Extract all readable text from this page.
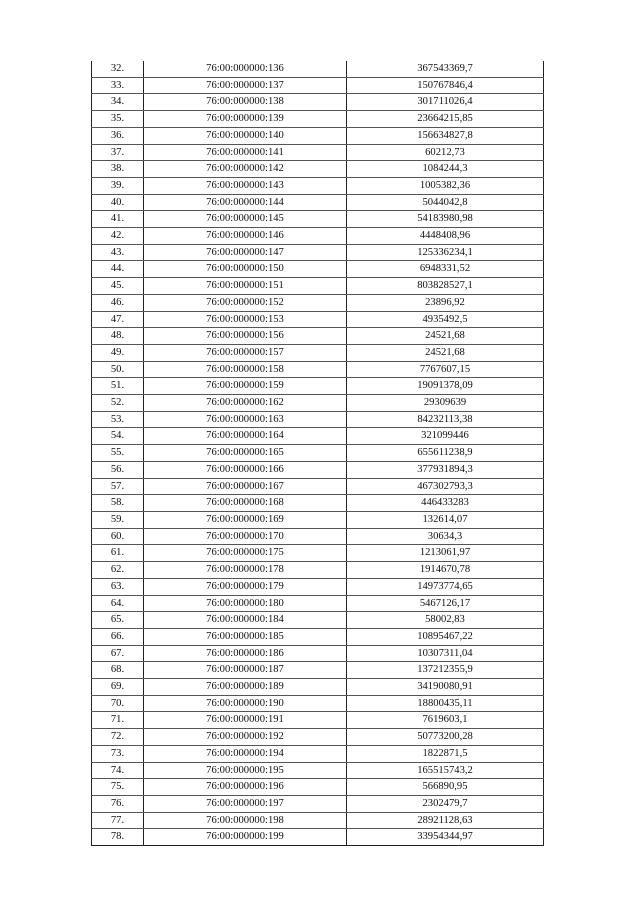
32.	76:00:000000:136	367543369,7
33.	76:00:000000:137	150767846,4
34.	76:00:000000:138	301711026,4
35.	76:00:000000:139	23664215,85
36.	76:00:000000:140	156634827,8
37.	76:00:000000:141	60212,73
38.	76:00:000000:142	1084244,3
39.	76:00:000000:143	1005382,36
40.	76:00:000000:144	5044042,8
41.	76:00:000000:145	54183980,98
42.	76:00:000000:146	4448408,96
43.	76:00:000000:147	125336234,1
44.	76:00:000000:150	6948331,52
45.	76:00:000000:151	803828527,1
46.	76:00:000000:152	23896,92
47.	76:00:000000:153	4935492,5
48.	76:00:000000:156	24521,68
49.	76:00:000000:157	24521,68
50.	76:00:000000:158	7767607,15
51.	76:00:000000:159	19091378,09
52.	76:00:000000:162	29309639
53.	76:00:000000:163	84232113,38
54.	76:00:000000:164	321099446
55.	76:00:000000:165	655611238,9
56.	76:00:000000:166	377931894,3
57.	76:00:000000:167	467302793,3
58.	76:00:000000:168	446433283
59.	76:00:000000:169	132614,07
60.	76:00:000000:170	30634,3
61.	76:00:000000:175	1213061,97
62.	76:00:000000:178	1914670,78
63.	76:00:000000:179	14973774,65
64.	76:00:000000:180	5467126,17
65.	76:00:000000:184	58002,83
66.	76:00:000000:185	10895467,22
67.	76:00:000000:186	10307311,04
68.	76:00:000000:187	137212355,9
69.	76:00:000000:189	34190080,91
70.	76:00:000000:190	18800435,11
71.	76:00:000000:191	7619603,1
72.	76:00:000000:192	50773200,28
73.	76:00:000000:194	1822871,5
74.	76:00:000000:195	165515743,2
75.	76:00:000000:196	566890,95
76.	76:00:000000:197	2302479,7
77.	76:00:000000:198	28921128,63
78.	76:00:000000:199	33954344,97
